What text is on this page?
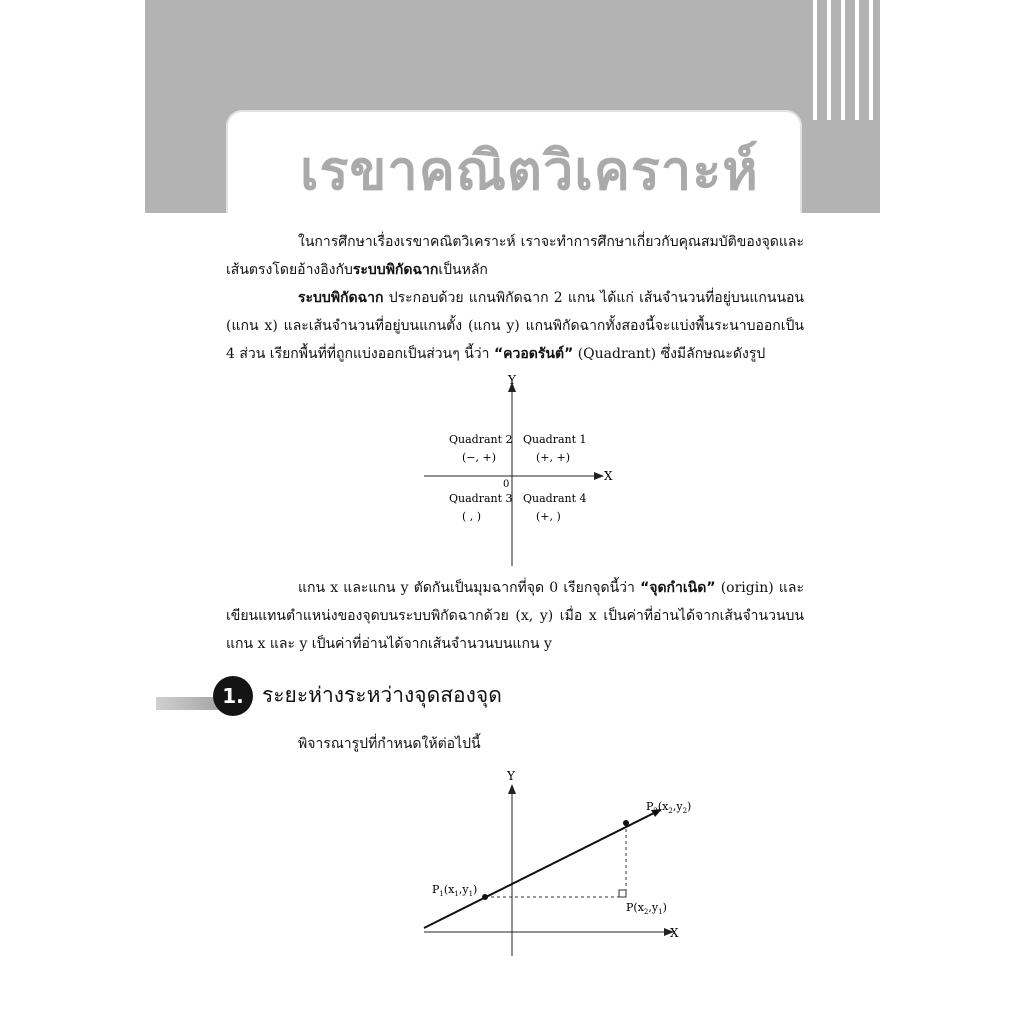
เรขาคณิตวิเคราะห์
ในการศึกษาเรื่องเรขาคณิตวิเคราะห์ เราจะทำการศึกษาเกี่ยวกับคุณสมบัติของจุดและเส้นตรงโดยอ้างอิงกับระบบพิกัดฉากเป็นหลัก
ระบบพิกัดฉาก ประกอบด้วย แกนพิกัดฉาก 2 แกน ได้แก่ เส้นจำนวนที่อยู่บนแกนนอน (แกน x) และเส้นจำนวนที่อยู่บนแกนตั้ง (แกน y) แกนพิกัดฉากทั้งสองนี้จะแบ่งพื้นระนาบออกเป็น 4 ส่วน เรียกพื้นที่ที่ถูกแบ่งออกเป็นส่วนๆ นี้ว่า “ควอดรันต์” (Quadrant) ซึ่งมีลักษณะดังรูป
Y
X
0
Quadrant 1
(+, +)
Quadrant 2
(−, +)
Quadrant 3
( , )
Quadrant 4
(+, )
แกน x และแกน y ตัดกันเป็นมุมฉากที่จุด 0 เรียกจุดนี้ว่า “จุดกำเนิด” (origin) และเขียนแทนตำแหน่งของจุดบนระบบพิกัดฉากด้วย (x, y) เมื่อ x เป็นค่าที่อ่านได้จากเส้นจำนวนบนแกน x และ y เป็นค่าที่อ่านได้จากเส้นจำนวนบนแกน y
1. ระยะห่างระหว่างจุดสองจุด
พิจารณารูปที่กำหนดให้ต่อไปนี้
Y
X
$P_1(x_1,y_1)$
$P_2(x_2,y_2)$
$P(x_2,y_1)$
